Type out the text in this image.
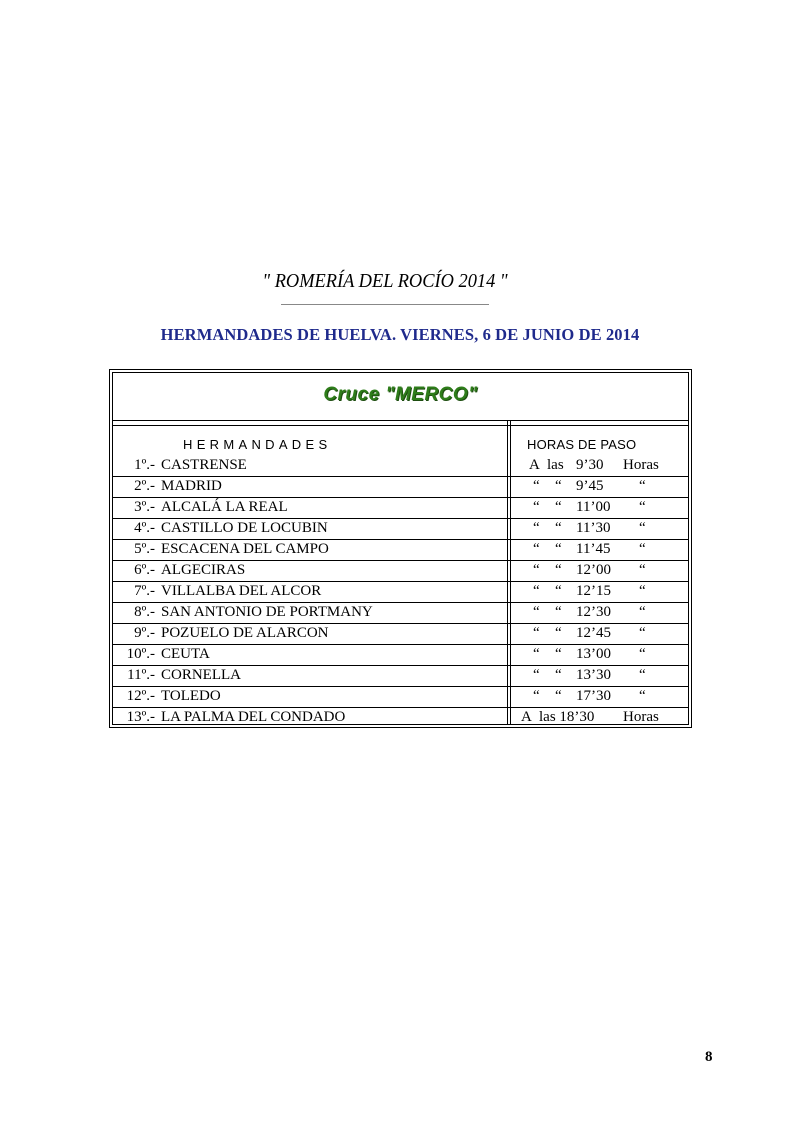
" ROMERÍA DEL ROCÍO 2014 "
HERMANDADES DE HUELVA. VIERNES, 6 DE JUNIO DE 2014
Cruce "MERCO"
HERMANDADES	HORAS DE PASO
1º.- CASTRENSE	A las 9’30 Horas
2º.- MADRID	“ “ 9’45 “
3º.- ALCALÁ LA REAL	“ “ 11’00 “
4º.- CASTILLO DE LOCUBIN	“ “ 11’30 “
5º.- ESCACENA DEL CAMPO	“ “ 11’45 “
6º.- ALGECIRAS	“ “ 12’00 “
7º.- VILLALBA DEL ALCOR	“ “ 12’15 “
8º.- SAN ANTONIO DE PORTMANY	“ “ 12’30 “
9º.- POZUELO DE ALARCON	“ “ 12’45 “
10º.- CEUTA	“ “ 13’00 “
11º.- CORNELLA	“ “ 13’30 “
12º.- TOLEDO	“ “ 17’30 “
13º.- LA PALMA DEL CONDADO	A las 18’30 Horas
8
